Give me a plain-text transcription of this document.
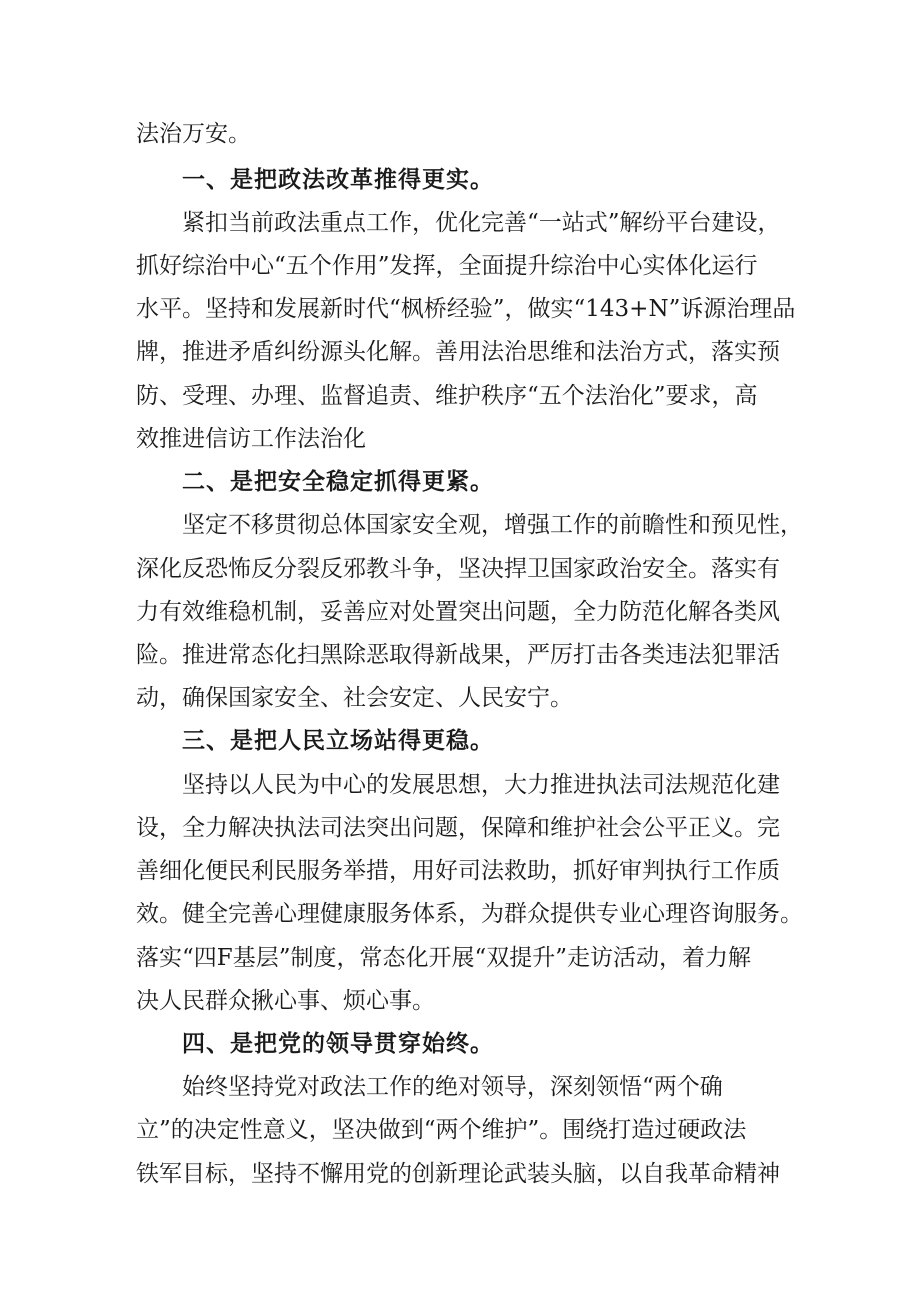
法治万安。
一、是把政法改革推得更实。
紧扣当前政法重点工作，优化完善“一站式”解纷平台建设，
抓好综治中心“五个作用”发挥，全面提升综治中心实体化运行
水平。坚持和发展新时代“枫桥经验”，做实“143+N”诉源治理品
牌，推进矛盾纠纷源头化解。善用法治思维和法治方式，落实预
防、受理、办理、监督追责、维护秩序“五个法治化”要求，高
效推进信访工作法治化
二、是把安全稳定抓得更紧。
坚定不移贯彻总体国家安全观，增强工作的前瞻性和预见性，
深化反恐怖反分裂反邪教斗争，坚决捍卫国家政治安全。落实有
力有效维稳机制，妥善应对处置突出问题，全力防范化解各类风
险。推进常态化扫黑除恶取得新战果，严厉打击各类违法犯罪活
动，确保国家安全、社会安定、人民安宁。
三、是把人民立场站得更稳。
坚持以人民为中心的发展思想，大力推进执法司法规范化建
设，全力解决执法司法突出问题，保障和维护社会公平正义。完
善细化便民利民服务举措，用好司法救助，抓好审判执行工作质
效。健全完善心理健康服务体系，为群众提供专业心理咨询服务。
落实“四F基层”制度，常态化开展“双提升”走访活动，着力解
决人民群众揪心事、烦心事。
四、是把党的领导贯穿始终。
始终坚持党对政法工作的绝对领导，深刻领悟“两个确
立”的决定性意义，坚决做到“两个维护”。围绕打造过硬政法
铁军目标，坚持不懈用党的创新理论武装头脑，以自我革命精神
